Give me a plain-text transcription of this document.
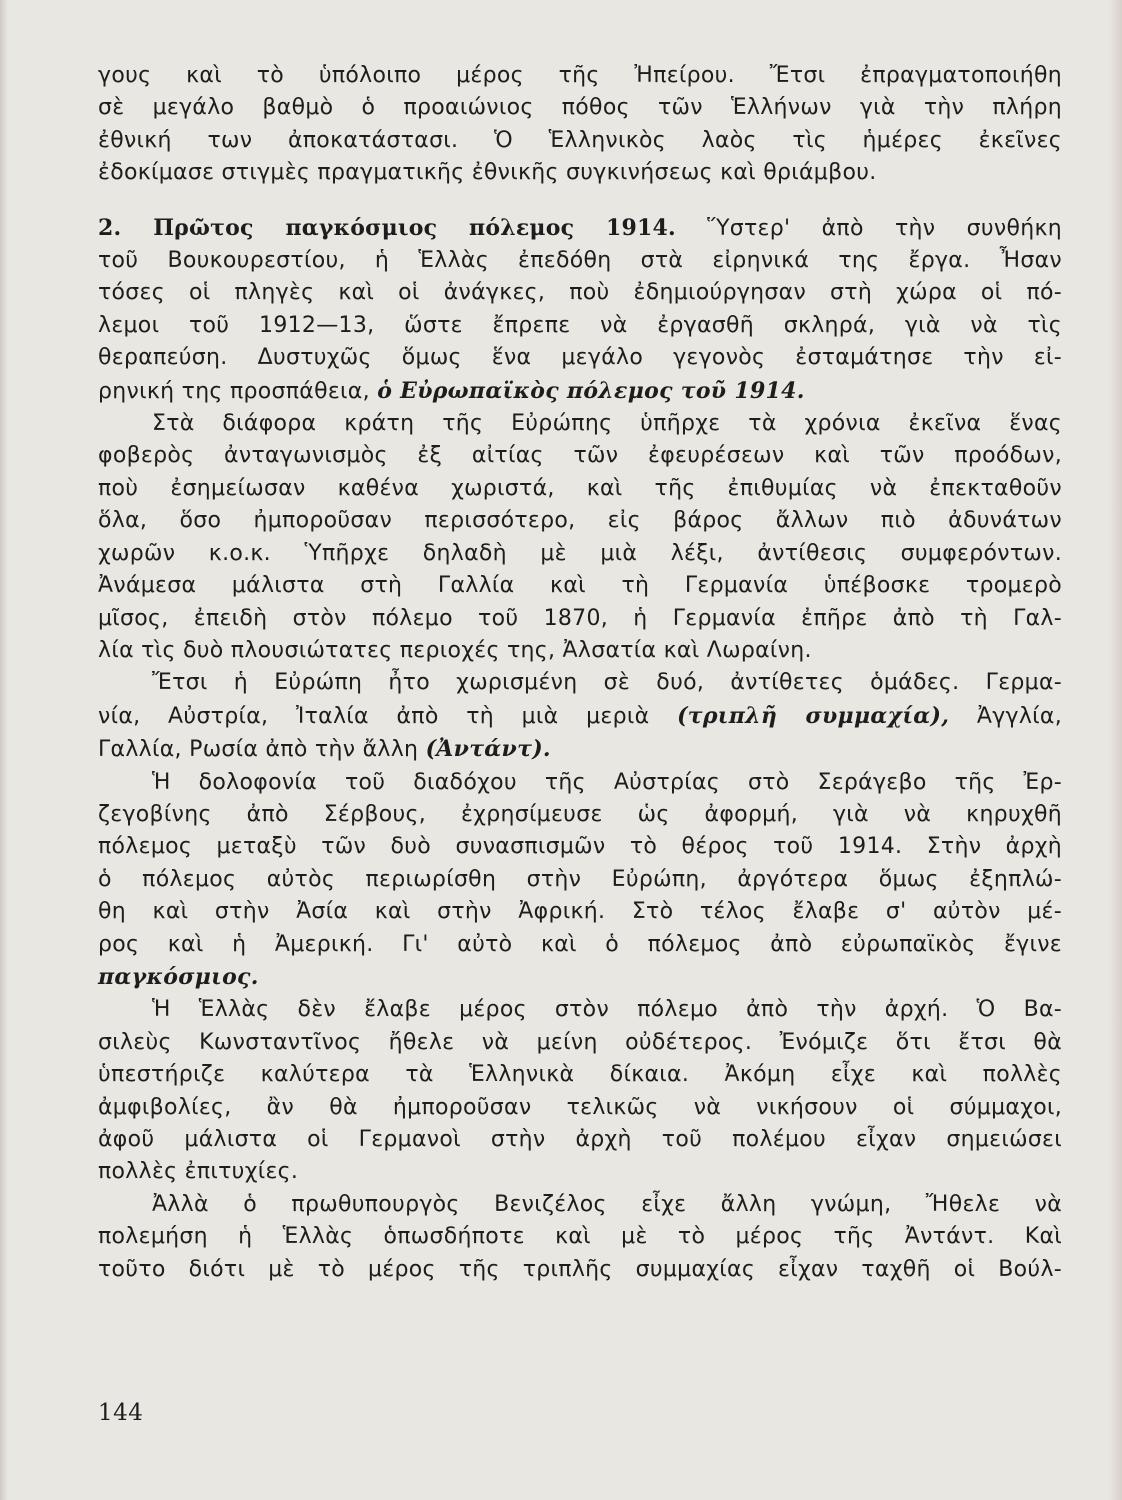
γους καὶ τὸ ὑπόλοιπο μέρος τῆς Ἠπείρου. Ἔτσι ἐπραγματοποιήθη
σὲ μεγάλο βαθμὸ ὁ προαιώνιος πόθος τῶν Ἑλλήνων γιὰ τὴν πλήρη
ἐθνική των ἀποκατάστασι. Ὁ Ἑλληνικὸς λαὸς τὶς ἡμέρες ἐκεῖνες
ἐδοκίμασε στιγμὲς πραγματικῆς ἐθνικῆς συγκινήσεως καὶ θριάμβου.
2. Πρῶτος παγκόσμιος πόλεμος 1914. Ὕστερ' ἀπὸ τὴν συνθήκη
τοῦ Βουκουρεστίου, ἡ Ἑλλὰς ἐπεδόθη στὰ εἰρηνικά της ἔργα. Ἦσαν
τόσες οἱ πληγὲς καὶ οἱ ἀνάγκες, ποὺ ἐδημιούργησαν στὴ χώρα οἱ πό-
λεμοι τοῦ 1912—13, ὥστε ἔπρεπε νὰ ἐργασθῆ σκληρά, γιὰ νὰ τὶς
θεραπεύση. Δυστυχῶς ὅμως ἕνα μεγάλο γεγονὸς ἐσταμάτησε τὴν εἰ-
ρηνική της προσπάθεια, ὁ Εὐρωπαϊκὸς πόλεμος τοῦ 1914.
Στὰ διάφορα κράτη τῆς Εὐρώπης ὑπῆρχε τὰ χρόνια ἐκεῖνα ἕνας
φοβερὸς ἀνταγωνισμὸς ἐξ αἰτίας τῶν ἐφευρέσεων καὶ τῶν προόδων,
ποὺ ἐσημείωσαν καθένα χωριστά, καὶ τῆς ἐπιθυμίας νὰ ἐπεκταθοῦν
ὅλα, ὅσο ἠμποροῦσαν περισσότερο, εἰς βάρος ἄλλων πιὸ ἀδυνάτων
χωρῶν κ.ο.κ. Ὑπῆρχε δηλαδὴ μὲ μιὰ λέξι, ἀντίθεσις συμφερόντων.
Ἀνάμεσα μάλιστα στὴ Γαλλία καὶ τὴ Γερμανία ὑπέβοσκε τρομερὸ
μῖσος, ἐπειδὴ στὸν πόλεμο τοῦ 1870, ἡ Γερμανία ἐπῆρε ἀπὸ τὴ Γαλ-
λία τὶς δυὸ πλουσιώτατες περιοχές της, Ἀλσατία καὶ Λωραίνη.
Ἔτσι ἡ Εὐρώπη ἦτο χωρισμένη σὲ δυό, ἀντίθετες ὁμάδες. Γερμα-
νία, Αὐστρία, Ἰταλία ἀπὸ τὴ μιὰ μεριὰ (τριπλῆ συμμαχία), Ἀγγλία,
Γαλλία, Ρωσία ἀπὸ τὴν ἄλλη (Ἀντάντ).
Ἡ δολοφονία τοῦ διαδόχου τῆς Αὐστρίας στὸ Σεράγεβο τῆς Ἐρ-
ζεγοβίνης ἀπὸ Σέρβους, ἐχρησίμευσε ὡς ἀφορμή, γιὰ νὰ κηρυχθῆ
πόλεμος μεταξὺ τῶν δυὸ συνασπισμῶν τὸ θέρος τοῦ 1914. Στὴν ἀρχὴ
ὁ πόλεμος αὐτὸς περιωρίσθη στὴν Εὐρώπη, ἀργότερα ὅμως ἐξηπλώ-
θη καὶ στὴν Ἀσία καὶ στὴν Ἀφρική. Στὸ τέλος ἔλαβε σ' αὐτὸν μέ-
ρος καὶ ἡ Ἀμερική. Γι' αὐτὸ καὶ ὁ πόλεμος ἀπὸ εὐρωπαϊκὸς ἔγινε
παγκόσμιος.
Ἡ Ἑλλὰς δὲν ἔλαβε μέρος στὸν πόλεμο ἀπὸ τὴν ἀρχή. Ὁ Βα-
σιλεὺς Κωνσταντῖνος ἤθελε νὰ μείνη οὐδέτερος. Ἐνόμιζε ὅτι ἔτσι θὰ
ὑπεστήριζε καλύτερα τὰ Ἑλληνικὰ δίκαια. Ἀκόμη εἶχε καὶ πολλὲς
ἀμφιβολίες, ἂν θὰ ἠμποροῦσαν τελικῶς νὰ νικήσουν οἱ σύμμαχοι,
ἀφοῦ μάλιστα οἱ Γερμανοὶ στὴν ἀρχὴ τοῦ πολέμου εἶχαν σημειώσει
πολλὲς ἐπιτυχίες.
Ἀλλὰ ὁ πρωθυπουργὸς Βενιζέλος εἶχε ἄλλη γνώμη, Ἤθελε νὰ
πολεμήση ἡ Ἑλλὰς ὁπωσδήποτε καὶ μὲ τὸ μέρος τῆς Ἀντάντ. Καὶ
τοῦτο διότι μὲ τὸ μέρος τῆς τριπλῆς συμμαχίας εἶχαν ταχθῆ οἱ Βούλ-
144
